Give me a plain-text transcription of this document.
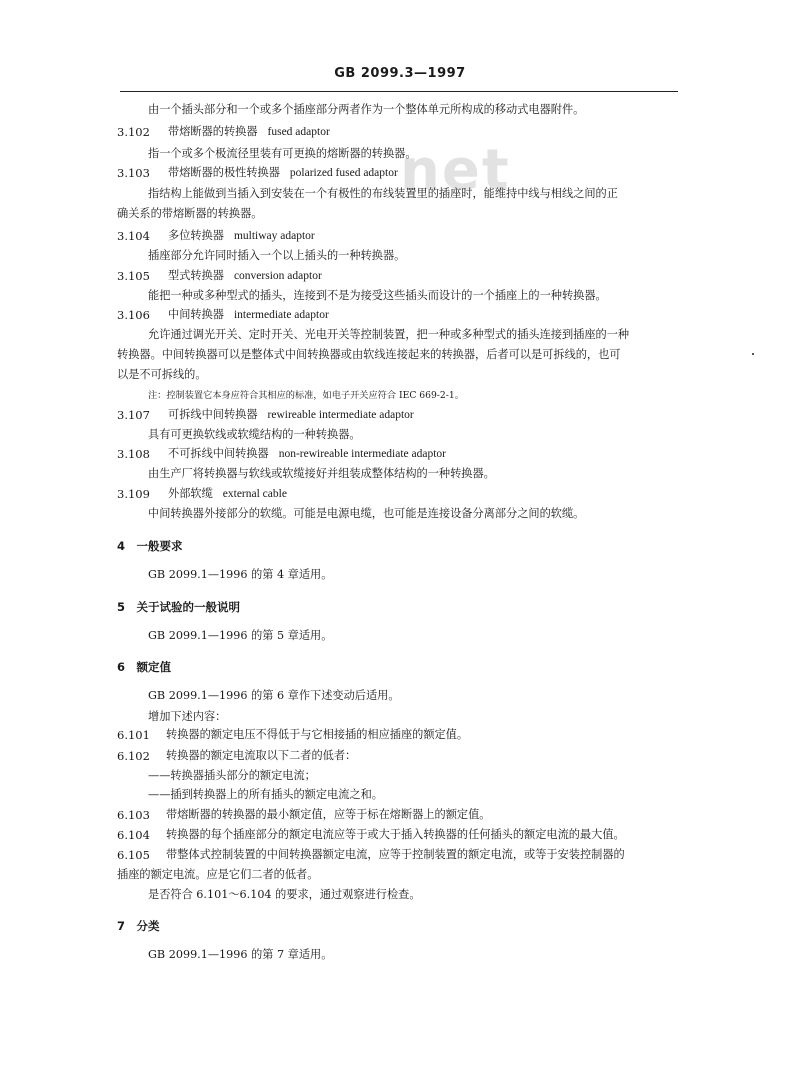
GB 2099.3—1997
net
由一个插头部分和一个或多个插座部分两者作为一个整体单元所构成的移动式电器附件。
3.102 带熔断器的转换器 fused adaptor
指一个或多个极流径里装有可更换的熔断器的转换器。
3.103 带熔断器的极性转换器 polarized fused adaptor
指结构上能做到当插入到安装在一个有极性的布线装置里的插座时，能维持中线与相线之间的正
确关系的带熔断器的转换器。
3.104 多位转换器 multiway adaptor
插座部分允许同时插入一个以上插头的一种转换器。
3.105 型式转换器 conversion adaptor
能把一种或多种型式的插头，连接到不是为接受这些插头而设计的一个插座上的一种转换器。
3.106 中间转换器 intermediate adaptor
允许通过调光开关、定时开关、光电开关等控制装置，把一种或多种型式的插头连接到插座的一种
转换器。中间转换器可以是整体式中间转换器或由软线连接起来的转换器，后者可以是可拆线的，也可
以是不可拆线的。
注：控制装置它本身应符合其相应的标准，如电子开关应符合 IEC 669-2-1。
3.107 可拆线中间转换器 rewireable intermediate adaptor
具有可更换软线或软缆结构的一种转换器。
3.108 不可拆线中间转换器 non-rewireable intermediate adaptor
由生产厂将转换器与软线或软缆接好并组装成整体结构的一种转换器。
3.109 外部软缆 external cable
中间转换器外接部分的软缆。可能是电源电缆，也可能是连接设备分离部分之间的软缆。
4　一般要求
GB 2099.1—1996 的第 4 章适用。
5　关于试验的一般说明
GB 2099.1—1996 的第 5 章适用。
6　额定值
GB 2099.1—1996 的第 6 章作下述变动后适用。
增加下述内容：
6.101 转换器的额定电压不得低于与它相接插的相应插座的额定值。
6.102 转换器的额定电流取以下二者的低者：
——转换器插头部分的额定电流；
——插到转换器上的所有插头的额定电流之和。
6.103 带熔断器的转换器的最小额定值，应等于标在熔断器上的额定值。
6.104 转换器的每个插座部分的额定电流应等于或大于插入转换器的任何插头的额定电流的最大值。
6.105 带整体式控制装置的中间转换器额定电流，应等于控制装置的额定电流，或等于安装控制器的
插座的额定电流。应是它们二者的低者。
是否符合 6.101～6.104 的要求，通过观察进行检查。
7　分类
GB 2099.1—1996 的第 7 章适用。
